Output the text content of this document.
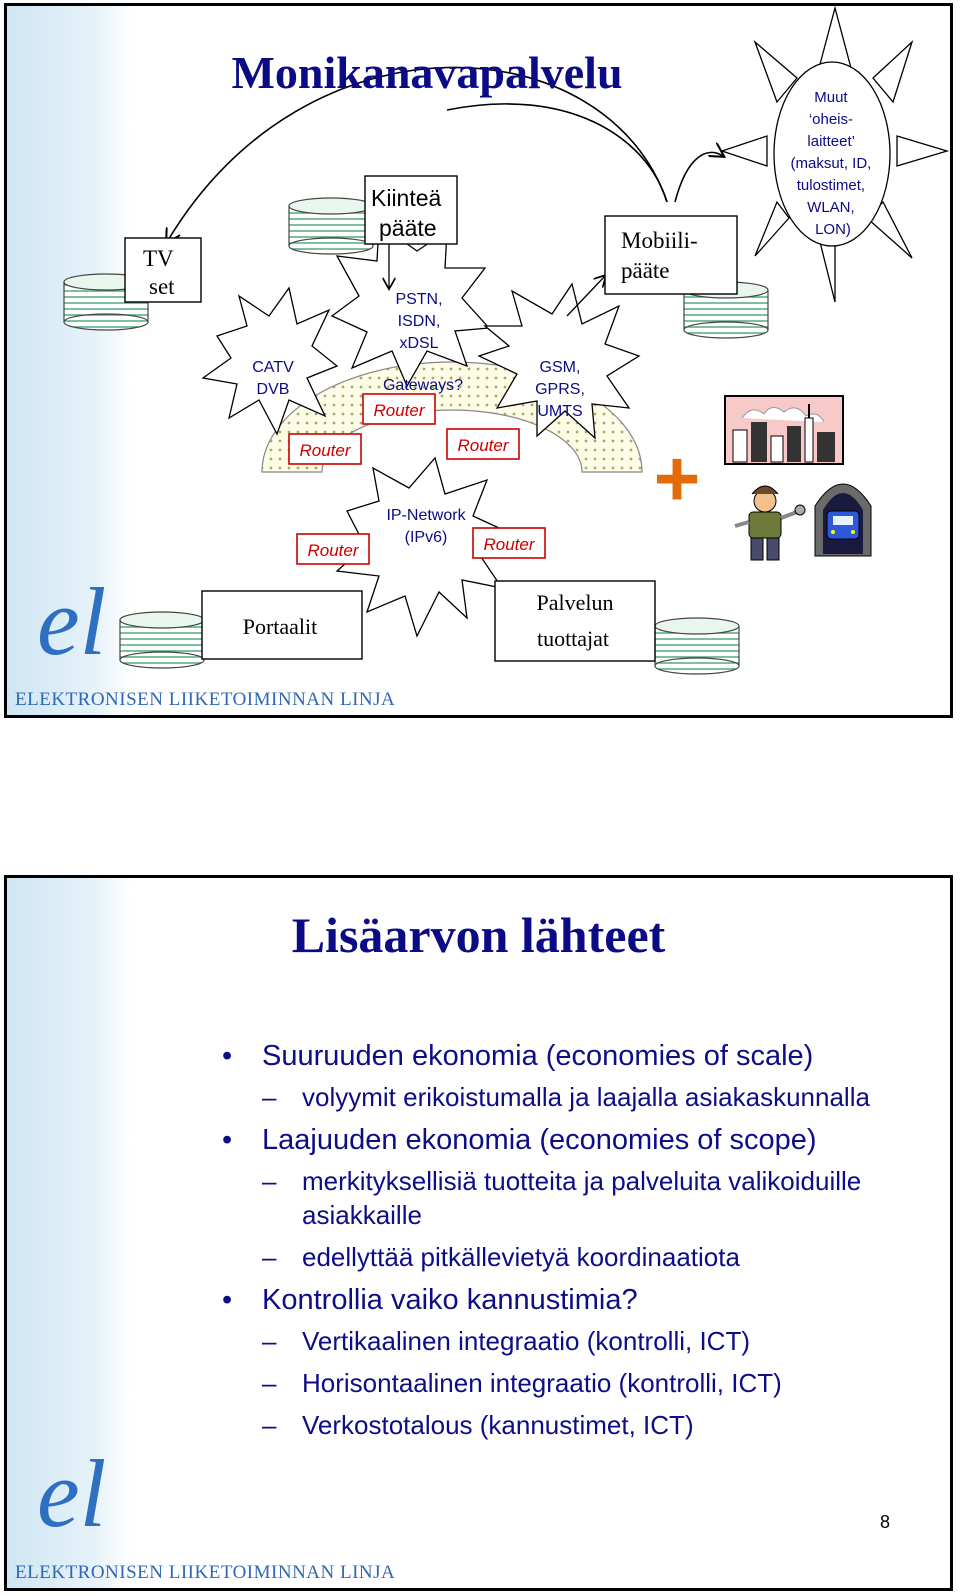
Monikanavapalvelu
TV set
Kiinteä pääte	Mobiili-pääte
Portaalit
Palvelun tuottajat
CATV DVB
PSTN, ISDN, xDSL
GSM, GPRS, UMTS
Gateways?
IP-Network (IPv6)
Router
Router	Router
Router	Router
Muut ‘oheis- laitteet’ (maksut, ID, tulostimet, WLAN, LON)
+
el
ELEKTRONISEN LIIKETOIMINNAN LINJA
Lisäarvon lähteet
• Suuruuden ekonomia (economies of scale)
– volyymit erikoistumalla ja laajalla asiakaskunnalla
• Laajuuden ekonomia (economies of scope)
– merkityksellisiä tuotteita ja palveluita valikoiduille asiakkaille
– edellyttää pitkällevietyä koordinaatiota
• Kontrollia vaiko kannustimia?
– Vertikaalinen integraatio (kontrolli, ICT)
– Horisontaalinen integraatio (kontrolli, ICT)
– Verkostotalous (kannustimet, ICT)
8
el
ELEKTRONISEN LIIKETOIMINNAN LINJA
